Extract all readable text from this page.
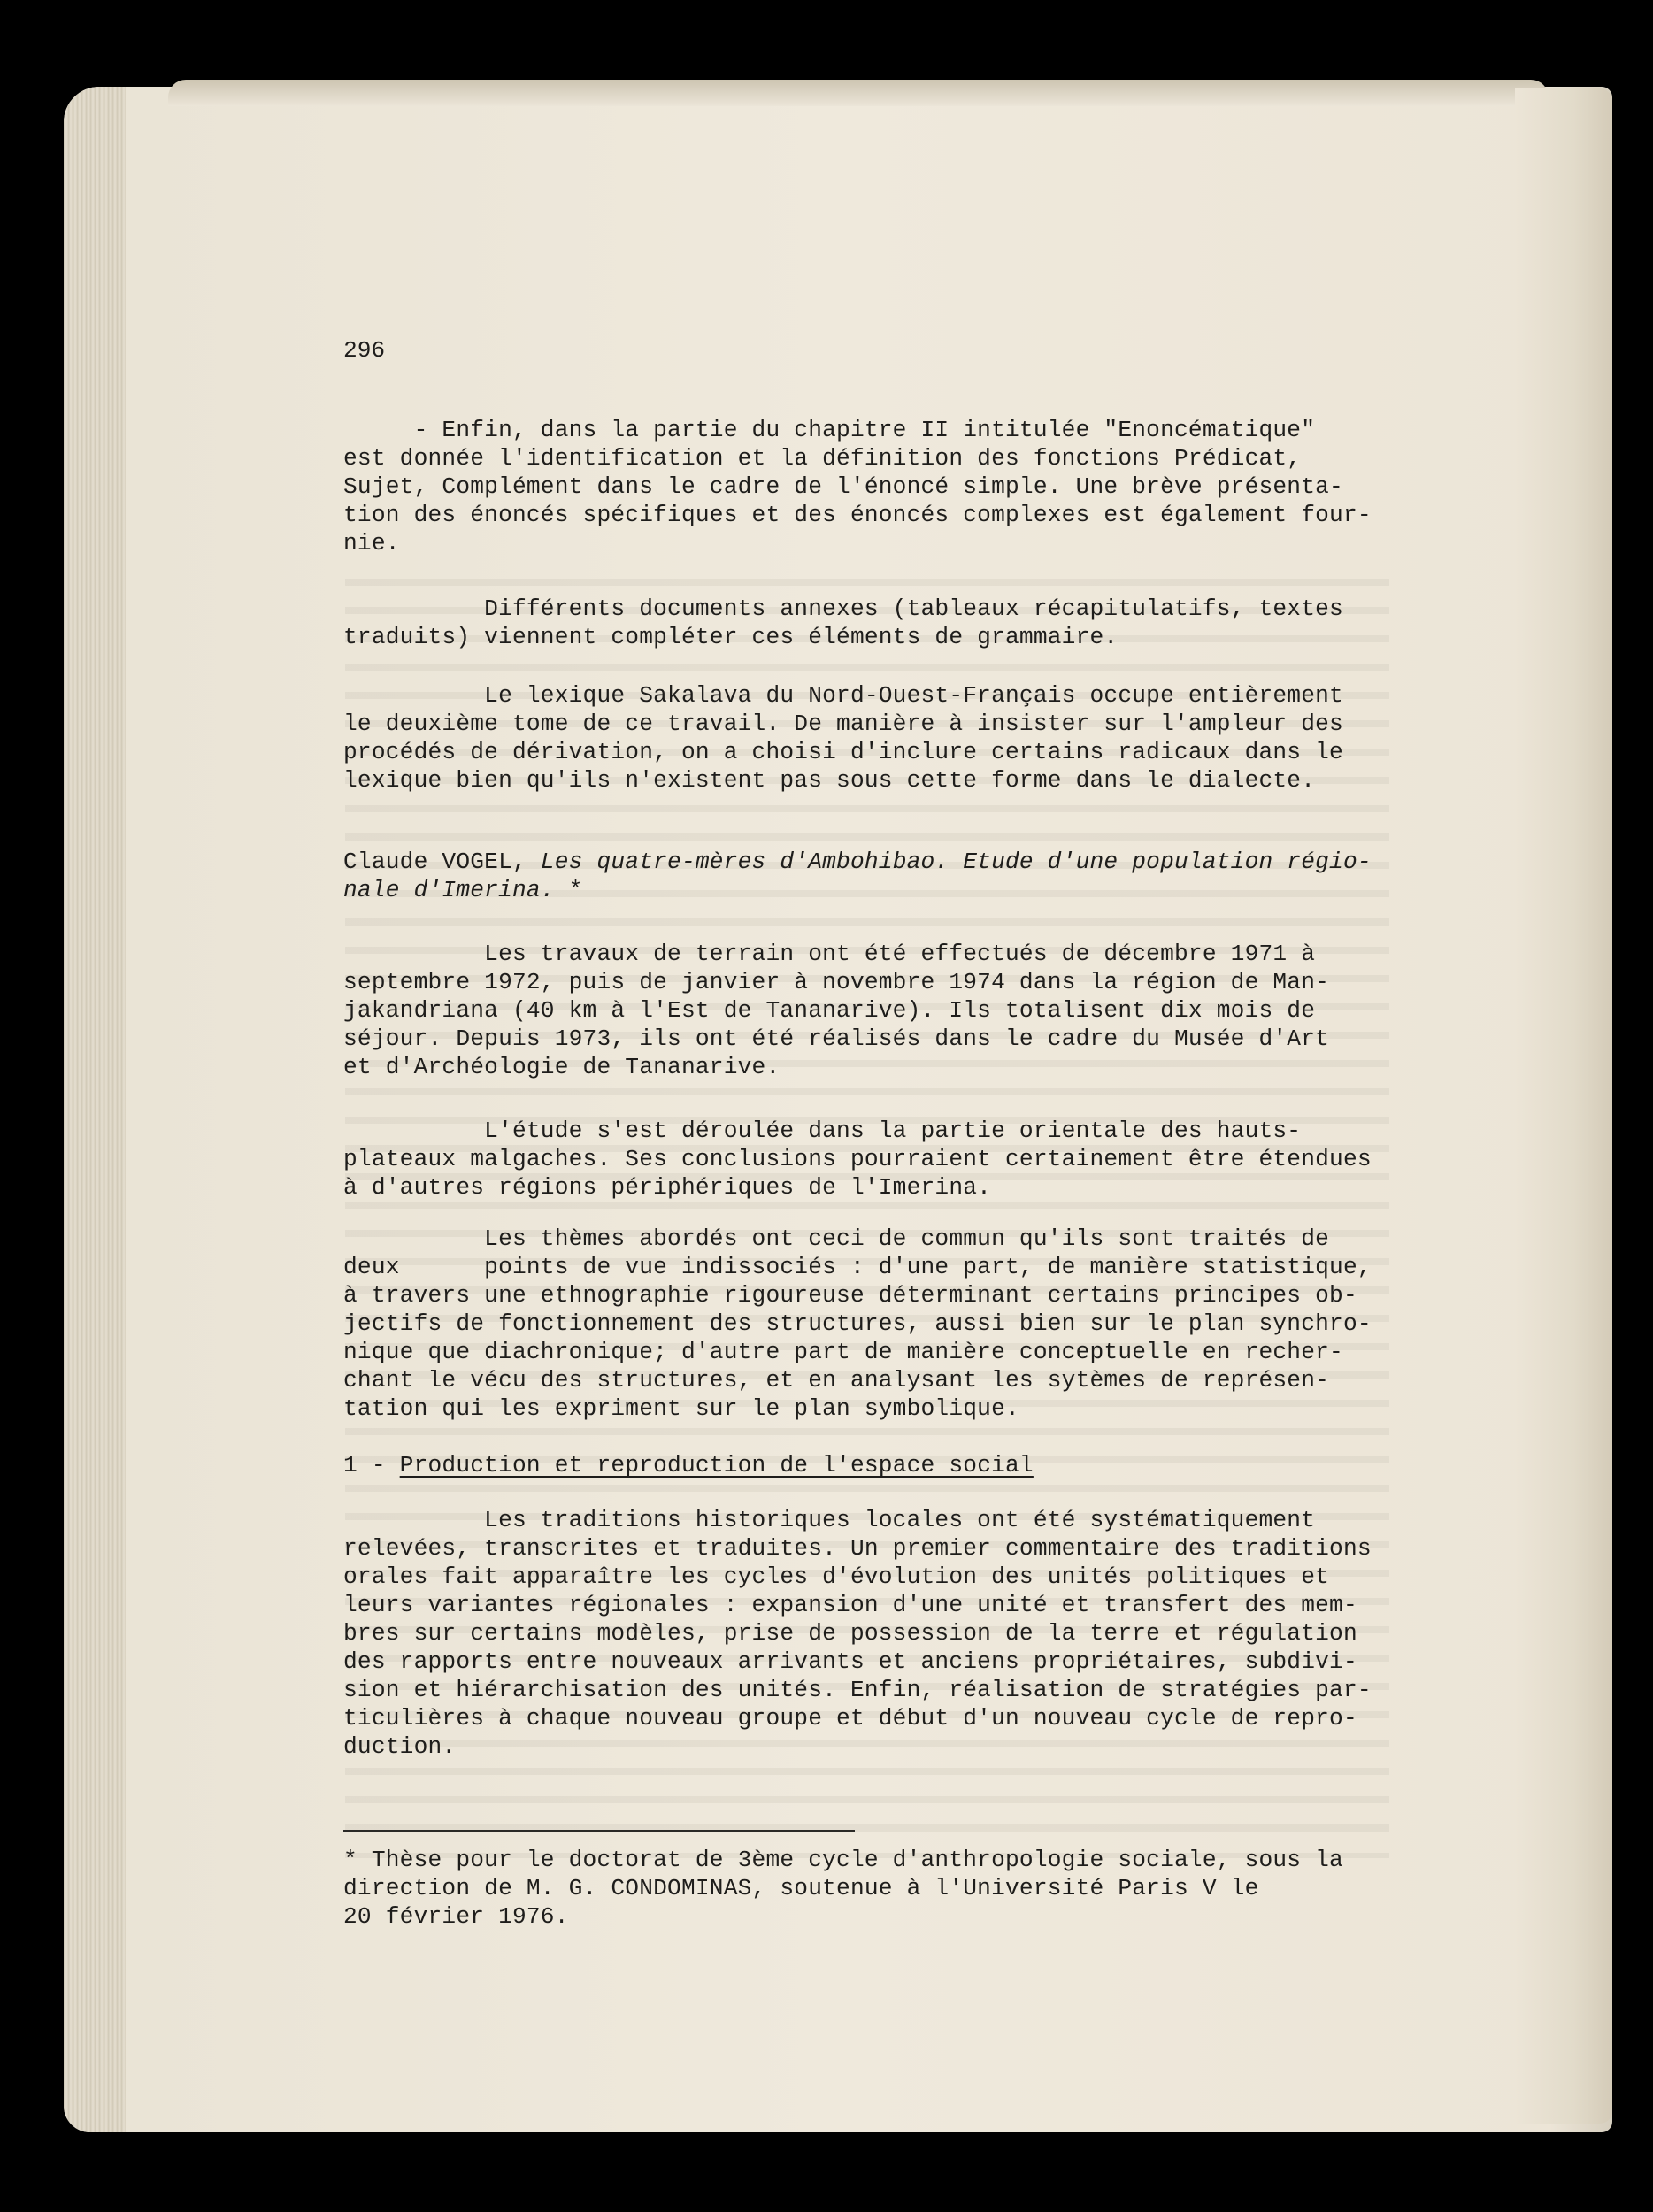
296
- Enfin, dans la partie du chapitre II intitulée "Enoncématique"
est donnée l'identification et la définition des fonctions Prédicat,
Sujet, Complément dans le cadre de l'énoncé simple. Une brève présenta-
tion des énoncés spécifiques et des énoncés complexes est également four-
nie.
Différents documents annexes (tableaux récapitulatifs, textes
traduits) viennent compléter ces éléments de grammaire.
Le lexique Sakalava du Nord-Ouest-Français occupe entièrement
le deuxième tome de ce travail. De manière à insister sur l'ampleur des
procédés de dérivation, on a choisi d'inclure certains radicaux dans le
lexique bien qu'ils n'existent pas sous cette forme dans le dialecte.
Claude VOGEL, Les quatre-mères d'Ambohibao. Etude d'une population régio-
nale d'Imerina. *
Les travaux de terrain ont été effectués de décembre 1971 à
septembre 1972, puis de janvier à novembre 1974 dans la région de Man-
jakandriana (40 km à l'Est de Tananarive). Ils totalisent dix mois de
séjour. Depuis 1973, ils ont été réalisés dans le cadre du Musée d'Art
et d'Archéologie de Tananarive.
L'étude s'est déroulée dans la partie orientale des hauts-
plateaux malgaches. Ses conclusions pourraient certainement être étendues
à d'autres régions périphériques de l'Imerina.
Les thèmes abordés ont ceci de commun qu'ils sont traités de
deux      points de vue indissociés : d'une part, de manière statistique,
à travers une ethnographie rigoureuse déterminant certains principes ob-
jectifs de fonctionnement des structures, aussi bien sur le plan synchro-
nique que diachronique; d'autre part de manière conceptuelle en recher-
chant le vécu des structures, et en analysant les sytèmes de représen-
tation qui les expriment sur le plan symbolique.
1 - Production et reproduction de l'espace social
Les traditions historiques locales ont été systématiquement
relevées, transcrites et traduites. Un premier commentaire des traditions
orales fait apparaître les cycles d'évolution des unités politiques et
leurs variantes régionales : expansion d'une unité et transfert des mem-
bres sur certains modèles, prise de possession de la terre et régulation
des rapports entre nouveaux arrivants et anciens propriétaires, subdivi-
sion et hiérarchisation des unités. Enfin, réalisation de stratégies par-
ticulières à chaque nouveau groupe et début d'un nouveau cycle de repro-
duction.
* Thèse pour le doctorat de 3ème cycle d'anthropologie sociale, sous la
direction de M. G. CONDOMINAS, soutenue à l'Université Paris V le
20 février 1976.
